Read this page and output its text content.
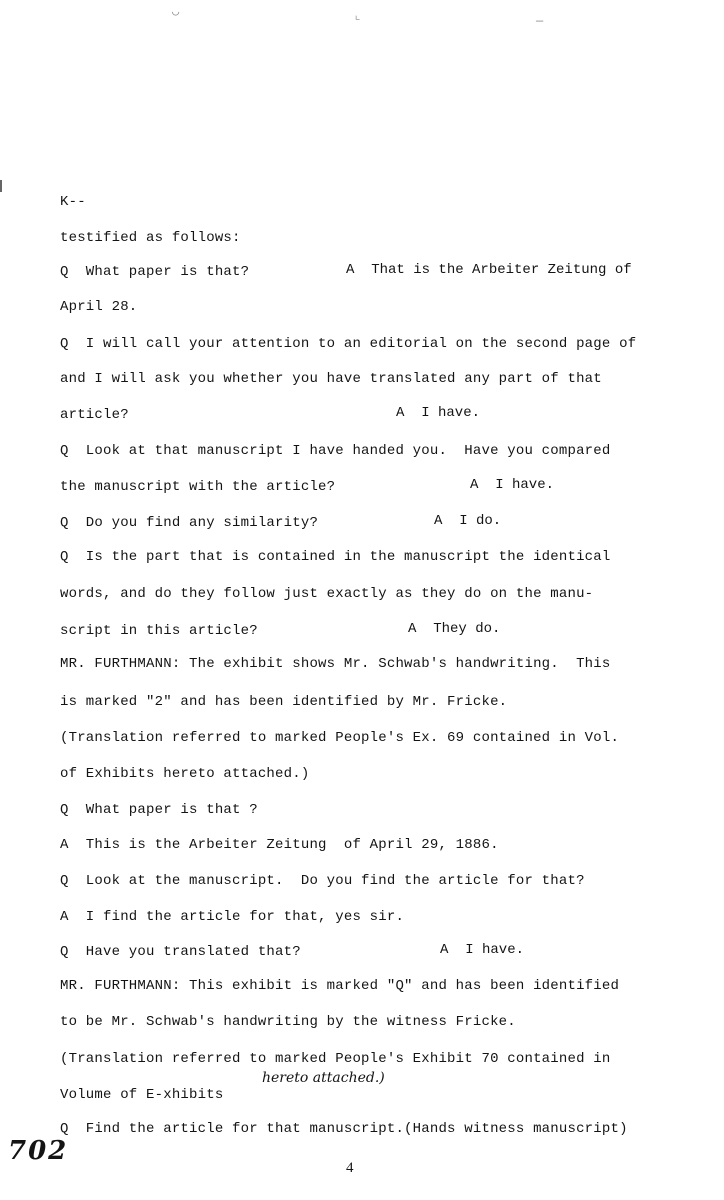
◡	⌞	—
K--
testified as follows:
Q  What paper is that?	A  That is the Arbeiter Zeitung of
April 28.
Q  I will call your attention to an editorial on the second page of
and I will ask you whether you have translated any part of that
article?	A  I have.
Q  Look at that manuscript I have handed you.  Have you compared
the manuscript with the article?	A  I have.
Q  Do you find any similarity?	A  I do.
Q  Is the part that is contained in the manuscript the identical
words, and do they follow just exactly as they do on the manu-
script in this article?	A  They do.
MR. FURTHMANN: The exhibit shows Mr. Schwab's handwriting.  This
is marked "2" and has been identified by Mr. Fricke.
(Translation referred to marked People's Ex. 69 contained in Vol.
of Exhibits hereto attached.)
Q  What paper is that ?
A  This is the Arbeiter Zeitung  of April 29, 1886.
Q  Look at the manuscript.  Do you find the article for that?
A  I find the article for that, yes sir.
Q  Have you translated that?	A  I have.
MR. FURTHMANN: This exhibit is marked "Q" and has been identified
to be Mr. Schwab's handwriting by the witness Fricke.
(Translation referred to marked People's Exhibit 70 contained in
Volume of E-xhibits
hereto attached.)
Q  Find the article for that manuscript.(Hands witness manuscript)
702
4
